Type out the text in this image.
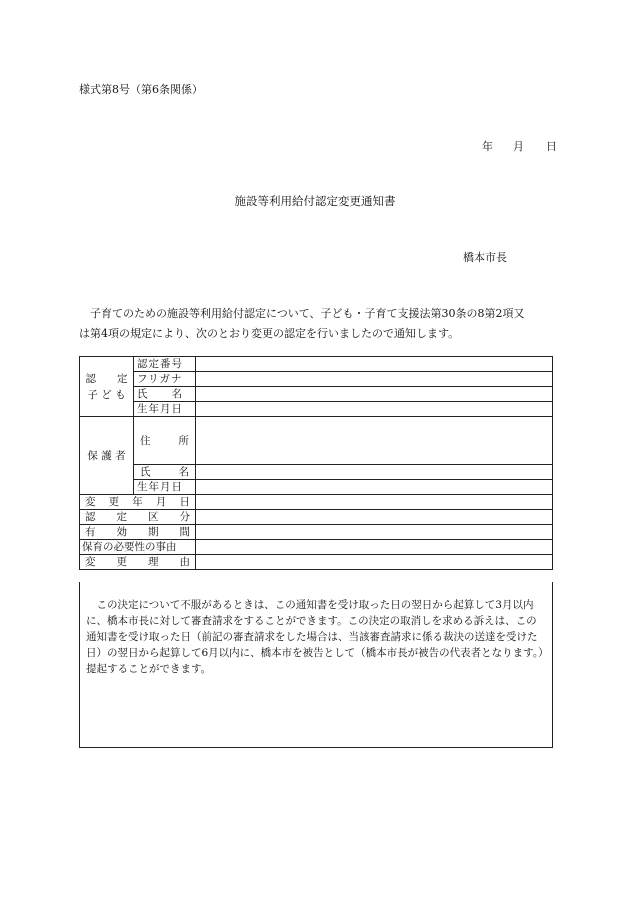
様式第8号（第6条関係）
年 月 日
施設等利用給付認定変更通知書
橋本市長

子育てのための施設等利用給付認定について、子ども・子育て支援法第30条の8第2項又

は第4項の規定により、次のとおり変更の認定を行いましたので通知します。

認　　定
子 ど も	認定番号	
	フリガナ	
	氏　　名	
	生年月日	
保 護 者	住 所	

	氏 名	

	生年月日	

変 更 年 月 日		

認 定 区 分		

有 効 期 間		

保育の必要性の事由		

変 更 理 由		

この決定について不服があるときは、この通知書を受け取った日の翌日から起算して3月以内に、橋本市長に対して審査請求をすることができます。この決定の取消しを求める訴えは、この通知書を受け取った日（前記の審査請求をした場合は、当該審査請求に係る裁決の送達を受けた日）の翌日から起算して6月以内に、橋本市を被告として（橋本市長が被告の代表者となります。）提起することができます。
